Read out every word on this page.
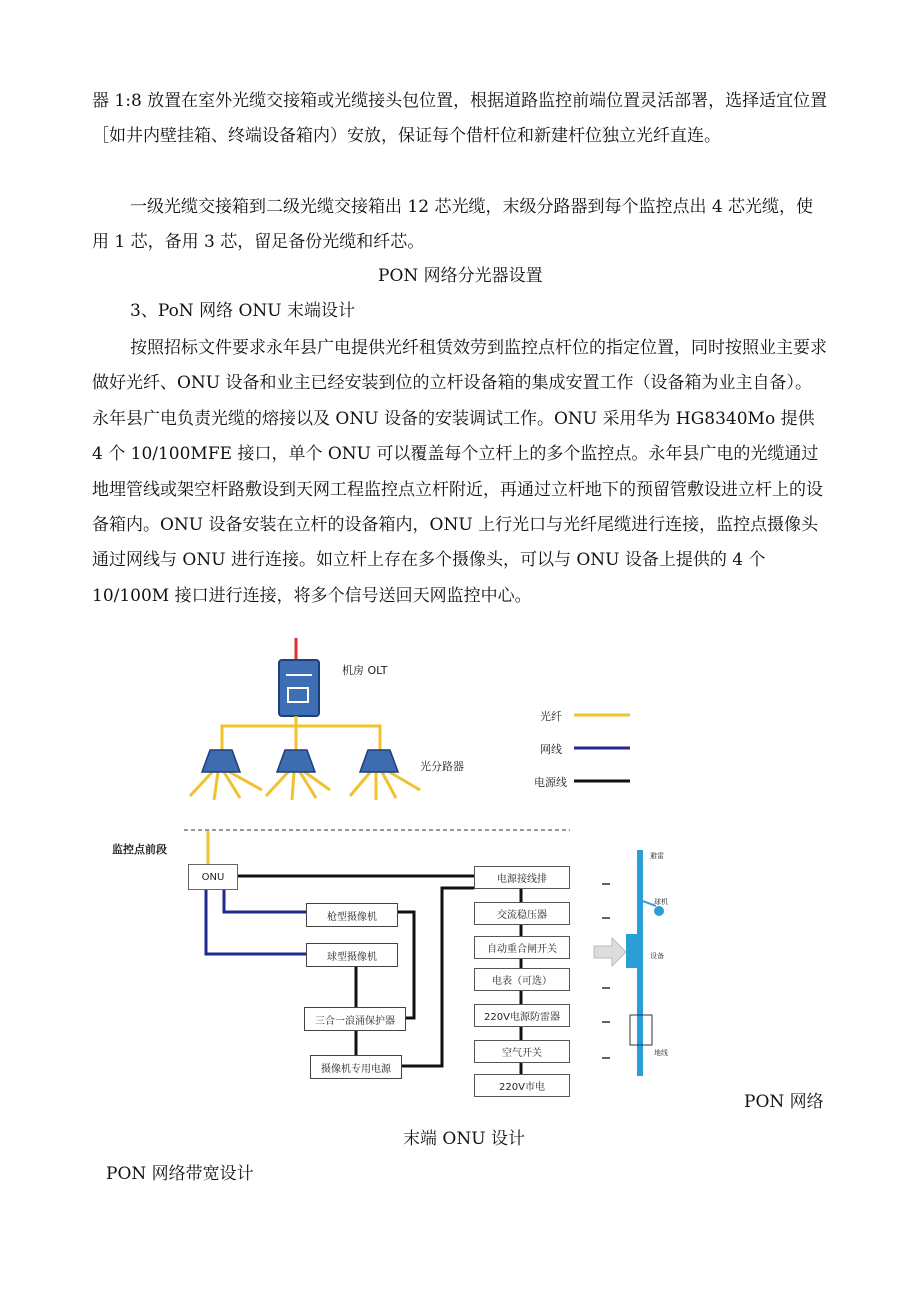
器 1:8 放置在室外光缆交接箱或光缆接头包位置，根据道路监控前端位置灵活部署，选择适宜位置［如井内壁挂箱、终端设备箱内）安放，保证每个借杆位和新建杆位独立光纤直连。

一级光缆交接箱到二级光缆交接箱出 12 芯光缆，末级分路器到每个监控点出 4 芯光缆，使用 1 芯，备用 3 芯，留足备份光缆和纤芯。

PON 网络分光器设置
3、PoN 网络 ONU 末端设计

按照招标文件要求永年县广电提供光纤租赁效劳到监控点杆位的指定位置，同时按照业主要求做好光纤、ONU 设备和业主已经安装到位的立杆设备箱的集成安置工作（设备箱为业主自备）。永年县广电负责光缆的熔接以及 ONU 设备的安装调试工作。ONU 采用华为 HG8340Mo 提供 4 个 10/100MFE 接口，单个 ONU 可以覆盖每个立杆上的多个监控点。永年县广电的光缆通过地埋管线或架空杆路敷设到天网工程监控点立杆附近，再通过立杆地下的预留管敷设进立杆上的设备箱内。ONU 设备安装在立杆的设备箱内，ONU 上行光口与光纤尾缆进行连接，监控点摄像头通过网线与 ONU 进行连接。如立杆上存在多个摄像头，可以与 ONU 设备上提供的 4 个 10/100M 接口进行连接，将多个信号送回天网监控中心。

机房 OLT
光分路器
光纤
网线
电源线
监控点前段
ONU
枪型摄像机
球型摄像机
三合一浪涌保护器
摄像机专用电源
电源接线排
交流稳压器
自动重合闸开关
电表（可选）
220V电源防雷器
空气开关
220V市电
避雷
球机
设备
地线
PON 网络
末端 ONU 设计
PON 网络带宽设计
